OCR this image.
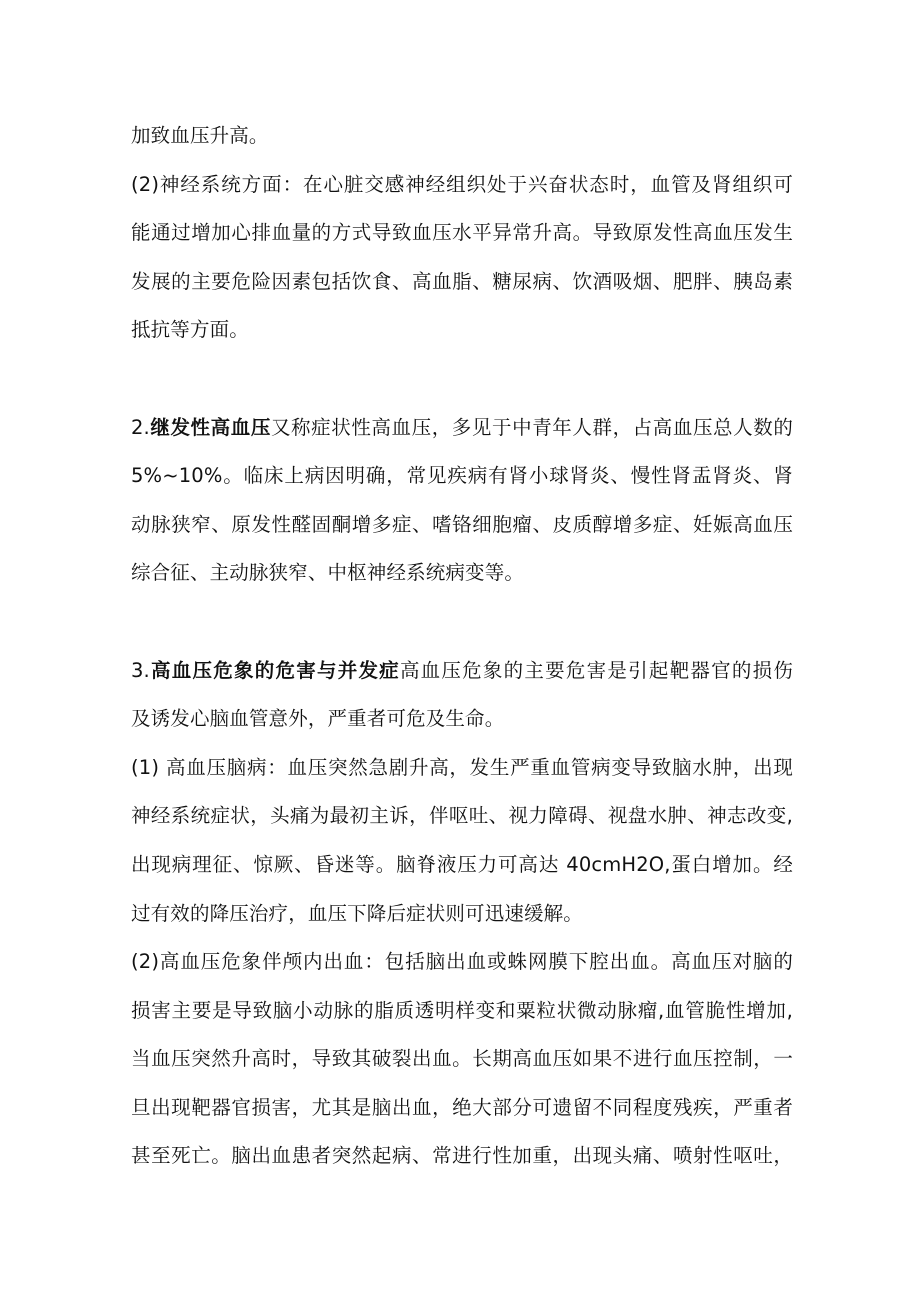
加致血压升高。
(2)神经系统方面：在心脏交感神经组织处于兴奋状态时，血管及肾组织可
能通过增加心排血量的方式导致血压水平异常升高。导致原发性高血压发生
发展的主要危险因素包括饮食、高血脂、糖尿病、饮酒吸烟、肥胖、胰岛素
抵抗等方面。
2.继发性高血压又称症状性高血压，多见于中青年人群，占高血压总人数的
5%~10%。临床上病因明确，常见疾病有肾小球肾炎、慢性肾盂肾炎、肾
动脉狭窄、原发性醛固酮增多症、嗜铬细胞瘤、皮质醇增多症、妊娠高血压
综合征、主动脉狭窄、中枢神经系统病变等。
3.高血压危象的危害与并发症高血压危象的主要危害是引起靶器官的损伤
及诱发心脑血管意外，严重者可危及生命。
(1) 高血压脑病：血压突然急剧升高，发生严重血管病变导致脑水肿，出现
神经系统症状，头痛为最初主诉，伴呕吐、视力障碍、视盘水肿、神志改变,
出现病理征、惊厥、昏迷等。脑脊液压力可高达 40cmH2O,蛋白增加。经
过有效的降压治疗，血压下降后症状则可迅速缓解。
(2)高血压危象伴颅内出血：包括脑出血或蛛网膜下腔出血。高血压对脑的
损害主要是导致脑小动脉的脂质透明样变和粟粒状微动脉瘤,血管脆性增加,
当血压突然升高时，导致其破裂出血。长期高血压如果不进行血压控制，一
旦出现靶器官损害，尤其是脑出血，绝大部分可遗留不同程度残疾，严重者
甚至死亡。脑出血患者突然起病、常进行性加重，出现头痛、喷射性呕吐，
